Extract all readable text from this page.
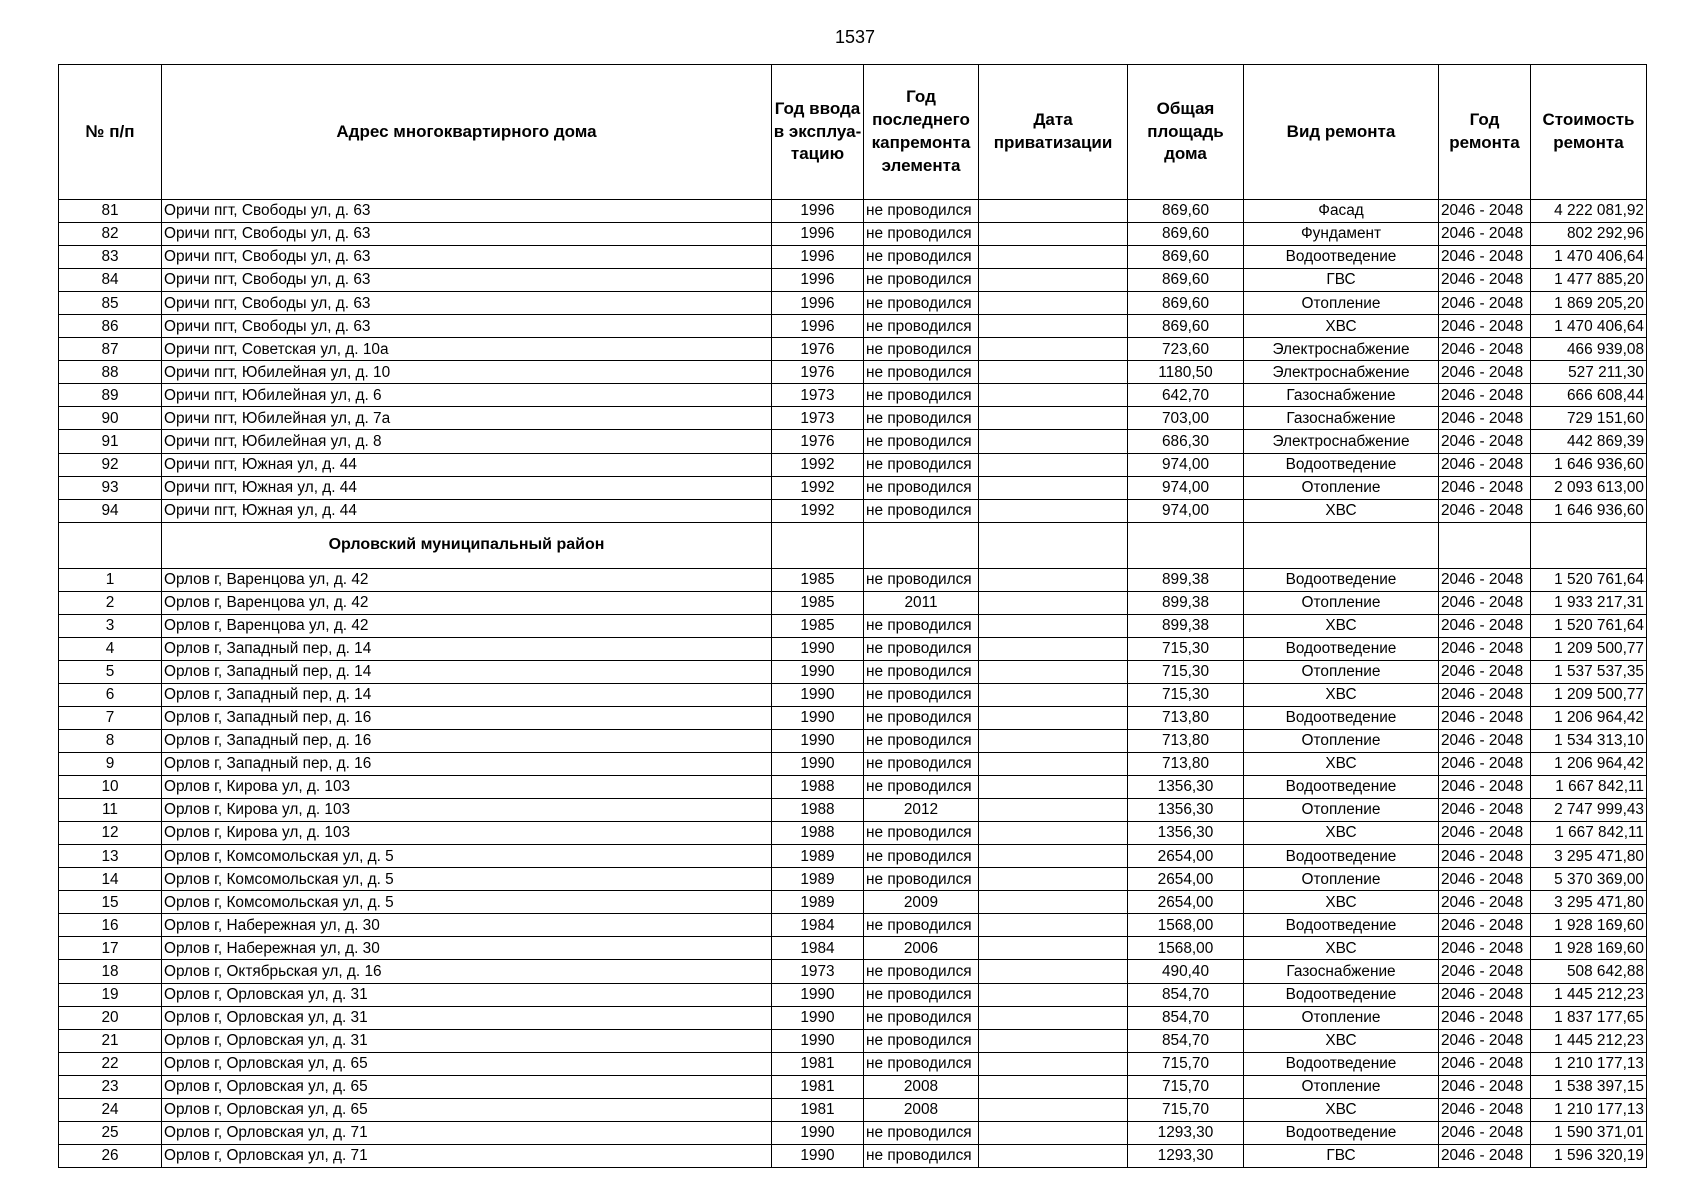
1537
№ п/п	Адрес многоквартирного дома	Год ввода в эксплуа-тацию	Год последнего капремонта элемента	Дата приватизации	Общая площадь дома	Вид ремонта	Год ремонта	Стоимость ремонта
81	Оричи пгт, Свободы ул, д. 63	1996	не проводился		869,60	Фасад	2046 - 2048	4 222 081,92
82	Оричи пгт, Свободы ул, д. 63	1996	не проводился		869,60	Фундамент	2046 - 2048	802 292,96
83	Оричи пгт, Свободы ул, д. 63	1996	не проводился		869,60	Водоотведение	2046 - 2048	1 470 406,64
84	Оричи пгт, Свободы ул, д. 63	1996	не проводился		869,60	ГВС	2046 - 2048	1 477 885,20
85	Оричи пгт, Свободы ул, д. 63	1996	не проводился		869,60	Отопление	2046 - 2048	1 869 205,20
86	Оричи пгт, Свободы ул, д. 63	1996	не проводился		869,60	ХВС	2046 - 2048	1 470 406,64
87	Оричи пгт, Советская ул, д. 10а	1976	не проводился		723,60	Электроснабжение	2046 - 2048	466 939,08
88	Оричи пгт, Юбилейная ул, д. 10	1976	не проводился		1180,50	Электроснабжение	2046 - 2048	527 211,30
89	Оричи пгт, Юбилейная ул, д. 6	1973	не проводился		642,70	Газоснабжение	2046 - 2048	666 608,44
90	Оричи пгт, Юбилейная ул, д. 7а	1973	не проводился		703,00	Газоснабжение	2046 - 2048	729 151,60
91	Оричи пгт, Юбилейная ул, д. 8	1976	не проводился		686,30	Электроснабжение	2046 - 2048	442 869,39
92	Оричи пгт, Южная ул, д. 44	1992	не проводился		974,00	Водоотведение	2046 - 2048	1 646 936,60
93	Оричи пгт, Южная ул, д. 44	1992	не проводился		974,00	Отопление	2046 - 2048	2 093 613,00
94	Оричи пгт, Южная ул, д. 44	1992	не проводился		974,00	ХВС	2046 - 2048	1 646 936,60
	Орловский муниципальный район							
1	Орлов г, Варенцова ул, д. 42	1985	не проводился		899,38	Водоотведение	2046 - 2048	1 520 761,64
2	Орлов г, Варенцова ул, д. 42	1985	2011		899,38	Отопление	2046 - 2048	1 933 217,31
3	Орлов г, Варенцова ул, д. 42	1985	не проводился		899,38	ХВС	2046 - 2048	1 520 761,64
4	Орлов г, Западный пер, д. 14	1990	не проводился		715,30	Водоотведение	2046 - 2048	1 209 500,77
5	Орлов г, Западный пер, д. 14	1990	не проводился		715,30	Отопление	2046 - 2048	1 537 537,35
6	Орлов г, Западный пер, д. 14	1990	не проводился		715,30	ХВС	2046 - 2048	1 209 500,77
7	Орлов г, Западный пер, д. 16	1990	не проводился		713,80	Водоотведение	2046 - 2048	1 206 964,42
8	Орлов г, Западный пер, д. 16	1990	не проводился		713,80	Отопление	2046 - 2048	1 534 313,10
9	Орлов г, Западный пер, д. 16	1990	не проводился		713,80	ХВС	2046 - 2048	1 206 964,42
10	Орлов г, Кирова ул, д. 103	1988	не проводился		1356,30	Водоотведение	2046 - 2048	1 667 842,11
11	Орлов г, Кирова ул, д. 103	1988	2012		1356,30	Отопление	2046 - 2048	2 747 999,43
12	Орлов г, Кирова ул, д. 103	1988	не проводился		1356,30	ХВС	2046 - 2048	1 667 842,11
13	Орлов г, Комсомольская ул, д. 5	1989	не проводился		2654,00	Водоотведение	2046 - 2048	3 295 471,80
14	Орлов г, Комсомольская ул, д. 5	1989	не проводился		2654,00	Отопление	2046 - 2048	5 370 369,00
15	Орлов г, Комсомольская ул, д. 5	1989	2009		2654,00	ХВС	2046 - 2048	3 295 471,80
16	Орлов г, Набережная ул, д. 30	1984	не проводился		1568,00	Водоотведение	2046 - 2048	1 928 169,60
17	Орлов г, Набережная ул, д. 30	1984	2006		1568,00	ХВС	2046 - 2048	1 928 169,60
18	Орлов г, Октябрьская ул, д. 16	1973	не проводился		490,40	Газоснабжение	2046 - 2048	508 642,88
19	Орлов г, Орловская ул, д. 31	1990	не проводился		854,70	Водоотведение	2046 - 2048	1 445 212,23
20	Орлов г, Орловская ул, д. 31	1990	не проводился		854,70	Отопление	2046 - 2048	1 837 177,65
21	Орлов г, Орловская ул, д. 31	1990	не проводился		854,70	ХВС	2046 - 2048	1 445 212,23
22	Орлов г, Орловская ул, д. 65	1981	не проводился		715,70	Водоотведение	2046 - 2048	1 210 177,13
23	Орлов г, Орловская ул, д. 65	1981	2008		715,70	Отопление	2046 - 2048	1 538 397,15
24	Орлов г, Орловская ул, д. 65	1981	2008		715,70	ХВС	2046 - 2048	1 210 177,13
25	Орлов г, Орловская ул, д. 71	1990	не проводился		1293,30	Водоотведение	2046 - 2048	1 590 371,01
26	Орлов г, Орловская ул, д. 71	1990	не проводился		1293,30	ГВС	2046 - 2048	1 596 320,19
